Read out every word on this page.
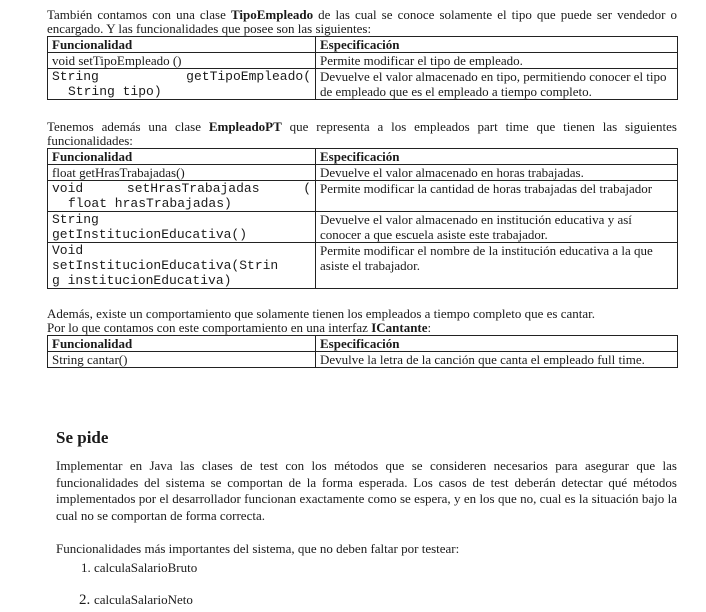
También contamos con una clase TipoEmpleado de las cual se conoce solamente el tipo que puede ser vendedor o encargado. Y las funcionalidades que posee son las siguientes:

Funcionalidad	Especificación
void setTipoEmpleado ()	Permite modificar el tipo de empleado.

String getTipoEmpleado(
String tipo)	Devuelve el valor almacenado en tipo, permitiendo conocer el tipo de empleado que es el empleado a tiempo completo.

Tenemos además una clase EmpleadoPT que representa a los empleados part time que tienen las siguientes funcionalidades:

Funcionalidad	Especificación
float getHrasTrabajadas()	Devuelve el valor almacenado en horas trabajadas.

void setHrasTrabajadas (
float hrasTrabajadas)	Permite modificar la cantidad de horas trabajadas del trabajador

String
getInstitucionEducativa()	Devuelve el valor almacenado en institución educativa y así conocer a que escuela asiste este trabajador.

Void
setInstitucionEducativa(Strin
g institucionEducativa)	Permite modificar el nombre de la institución educativa a la que asiste el trabajador.

Además, existe un comportamiento que solamente tienen los empleados a tiempo completo que es cantar.

Por lo que contamos con este comportamiento en una interfaz ICantante:

Funcionalidad	Especificación
String cantar()	Devulve la letra de la canción que canta el empleado full time.
Se pide

Implementar en Java las clases de test con los métodos que se consideren necesarios para asegurar que las funcionalidades del sistema se comportan de la forma esperada. Los casos de test deberán detectar qué métodos implementados por el desarrollador funcionan exactamente como se espera, y en los que no, cual es la situación bajo la cual no se comportan de forma correcta.

Funcionalidades más importantes del sistema, que no deben faltar por testear:

1. calculaSalarioBruto
2. calculaSalarioNeto
